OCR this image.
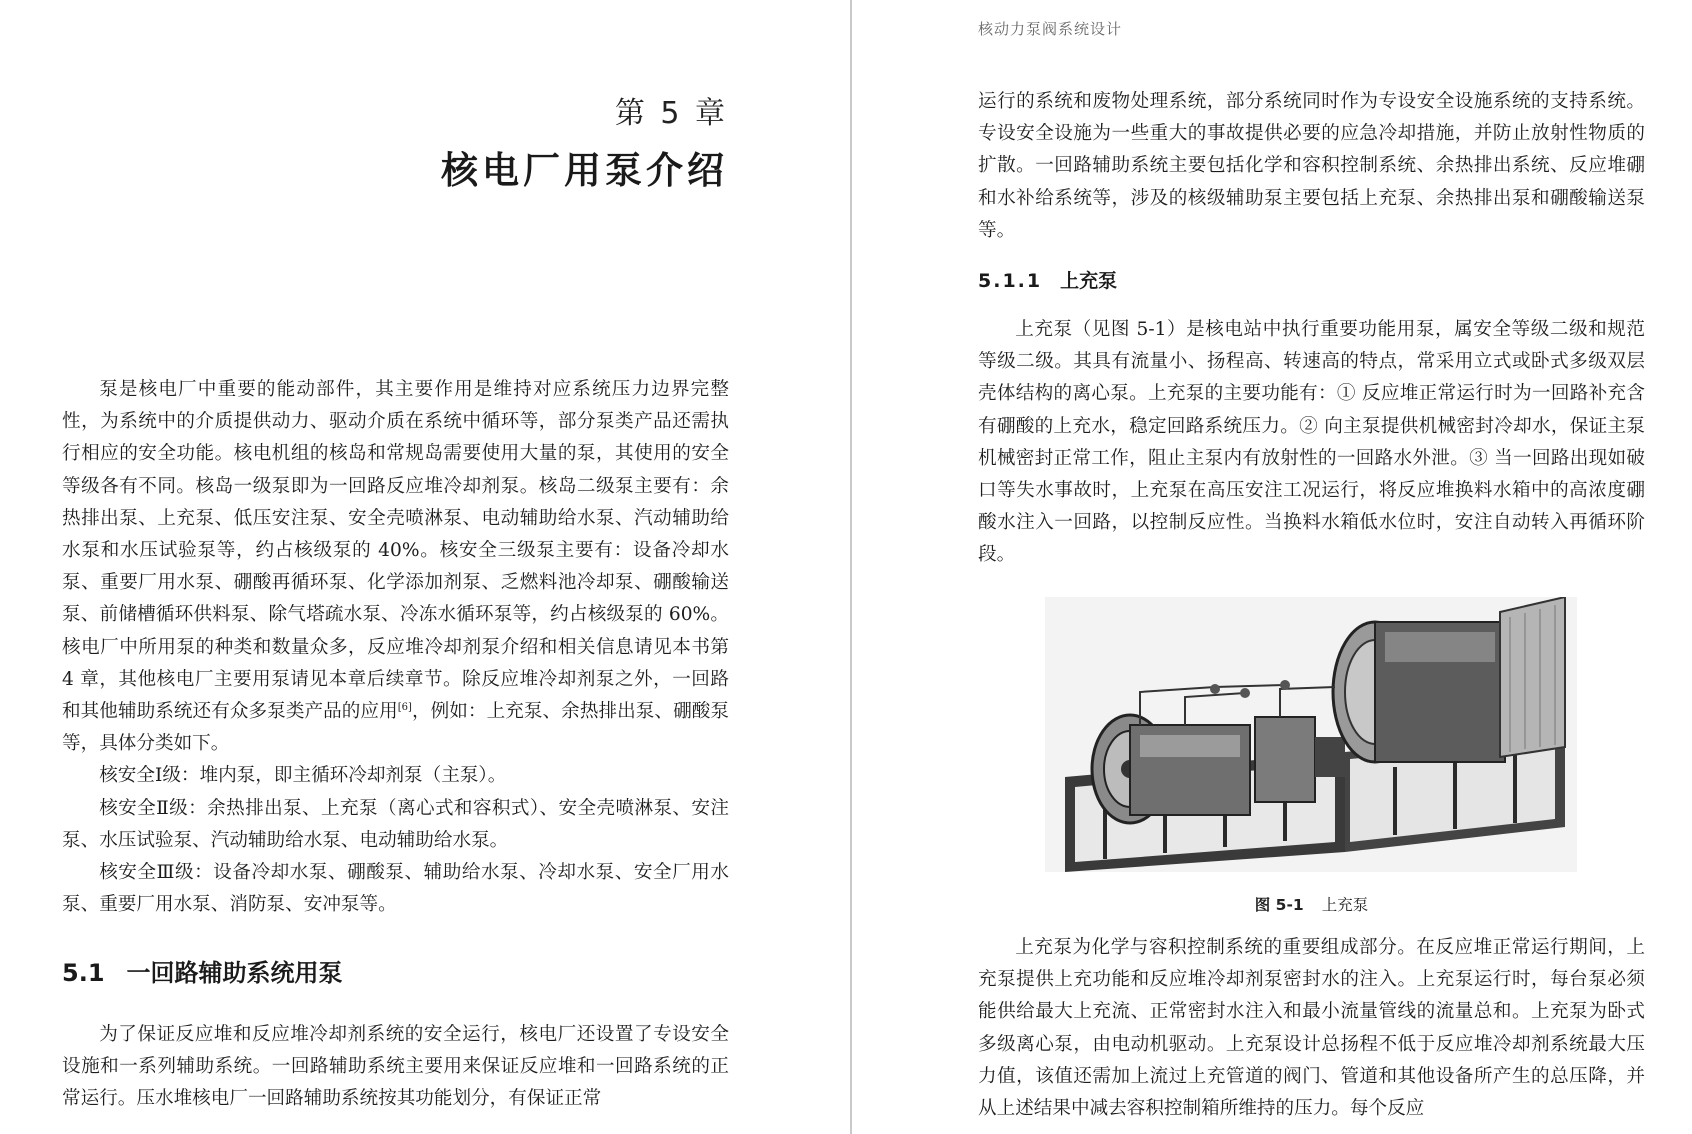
第 5 章
核电厂用泵介绍

泵是核电厂中重要的能动部件，其主要作用是维持对应系统压力边界完整性，为系统中的介质提供动力、驱动介质在系统中循环等，部分泵类产品还需执行相应的安全功能。核电机组的核岛和常规岛需要使用大量的泵，其使用的安全等级各有不同。核岛一级泵即为一回路反应堆冷却剂泵。核岛二级泵主要有：余热排出泵、上充泵、低压安注泵、安全壳喷淋泵、电动辅助给水泵、汽动辅助给水泵和水压试验泵等，约占核级泵的 40%。核安全三级泵主要有：设备冷却水泵、重要厂用水泵、硼酸再循环泵、化学添加剂泵、乏燃料池冷却泵、硼酸输送泵、前储槽循环供料泵、除气塔疏水泵、冷冻水循环泵等，约占核级泵的 60%。核电厂中所用泵的种类和数量众多，反应堆冷却剂泵介绍和相关信息请见本书第 4 章，其他核电厂主要用泵请见本章后续章节。除反应堆冷却剂泵之外，一回路和其他辅助系统还有众多泵类产品的应用[6]，例如：上充泵、余热排出泵、硼酸泵等，具体分类如下。

核安全Ⅰ级：堆内泵，即主循环冷却剂泵（主泵）。

核安全Ⅱ级：余热排出泵、上充泵（离心式和容积式）、安全壳喷淋泵、安注泵、水压试验泵、汽动辅助给水泵、电动辅助给水泵。

核安全Ⅲ级：设备冷却水泵、硼酸泵、辅助给水泵、冷却水泵、安全厂用水泵、重要厂用水泵、消防泵、安冲泵等。

5.1 一回路辅助系统用泵

为了保证反应堆和反应堆冷却剂系统的安全运行，核电厂还设置了专设安全设施和一系列辅助系统。一回路辅助系统主要用来保证反应堆和一回路系统的正常运行。压水堆核电厂一回路辅助系统按其功能划分，有保证正常

核动力泵阀系统设计

运行的系统和废物处理系统，部分系统同时作为专设安全设施系统的支持系统。专设安全设施为一些重大的事故提供必要的应急冷却措施，并防止放射性物质的扩散。一回路辅助系统主要包括化学和容积控制系统、余热排出系统、反应堆硼和水补给系统等，涉及的核级辅助泵主要包括上充泵、余热排出泵和硼酸输送泵等。

5.1.1 上充泵

上充泵（见图 5-1）是核电站中执行重要功能用泵，属安全等级二级和规范等级二级。其具有流量小、扬程高、转速高的特点，常采用立式或卧式多级双层壳体结构的离心泵。上充泵的主要功能有：① 反应堆正常运行时为一回路补充含有硼酸的上充水，稳定回路系统压力。② 向主泵提供机械密封冷却水，保证主泵机械密封正常工作，阻止主泵内有放射性的一回路水外泄。③ 当一回路出现如破口等失水事故时，上充泵在高压安注工况运行，将反应堆换料水箱中的高浓度硼酸水注入一回路，以控制反应性。当换料水箱低水位时，安注自动转入再循环阶段。

图 5-1 上充泵

上充泵为化学与容积控制系统的重要组成部分。在反应堆正常运行期间，上充泵提供上充功能和反应堆冷却剂泵密封水的注入。上充泵运行时，每台泵必须能供给最大上充流、正常密封水注入和最小流量管线的流量总和。上充泵为卧式多级离心泵，由电动机驱动。上充泵设计总扬程不低于反应堆冷却剂系统最大压力值，该值还需加上流过上充管道的阀门、管道和其他设备所产生的总压降，并从上述结果中减去容积控制箱所维持的压力。每个反应
